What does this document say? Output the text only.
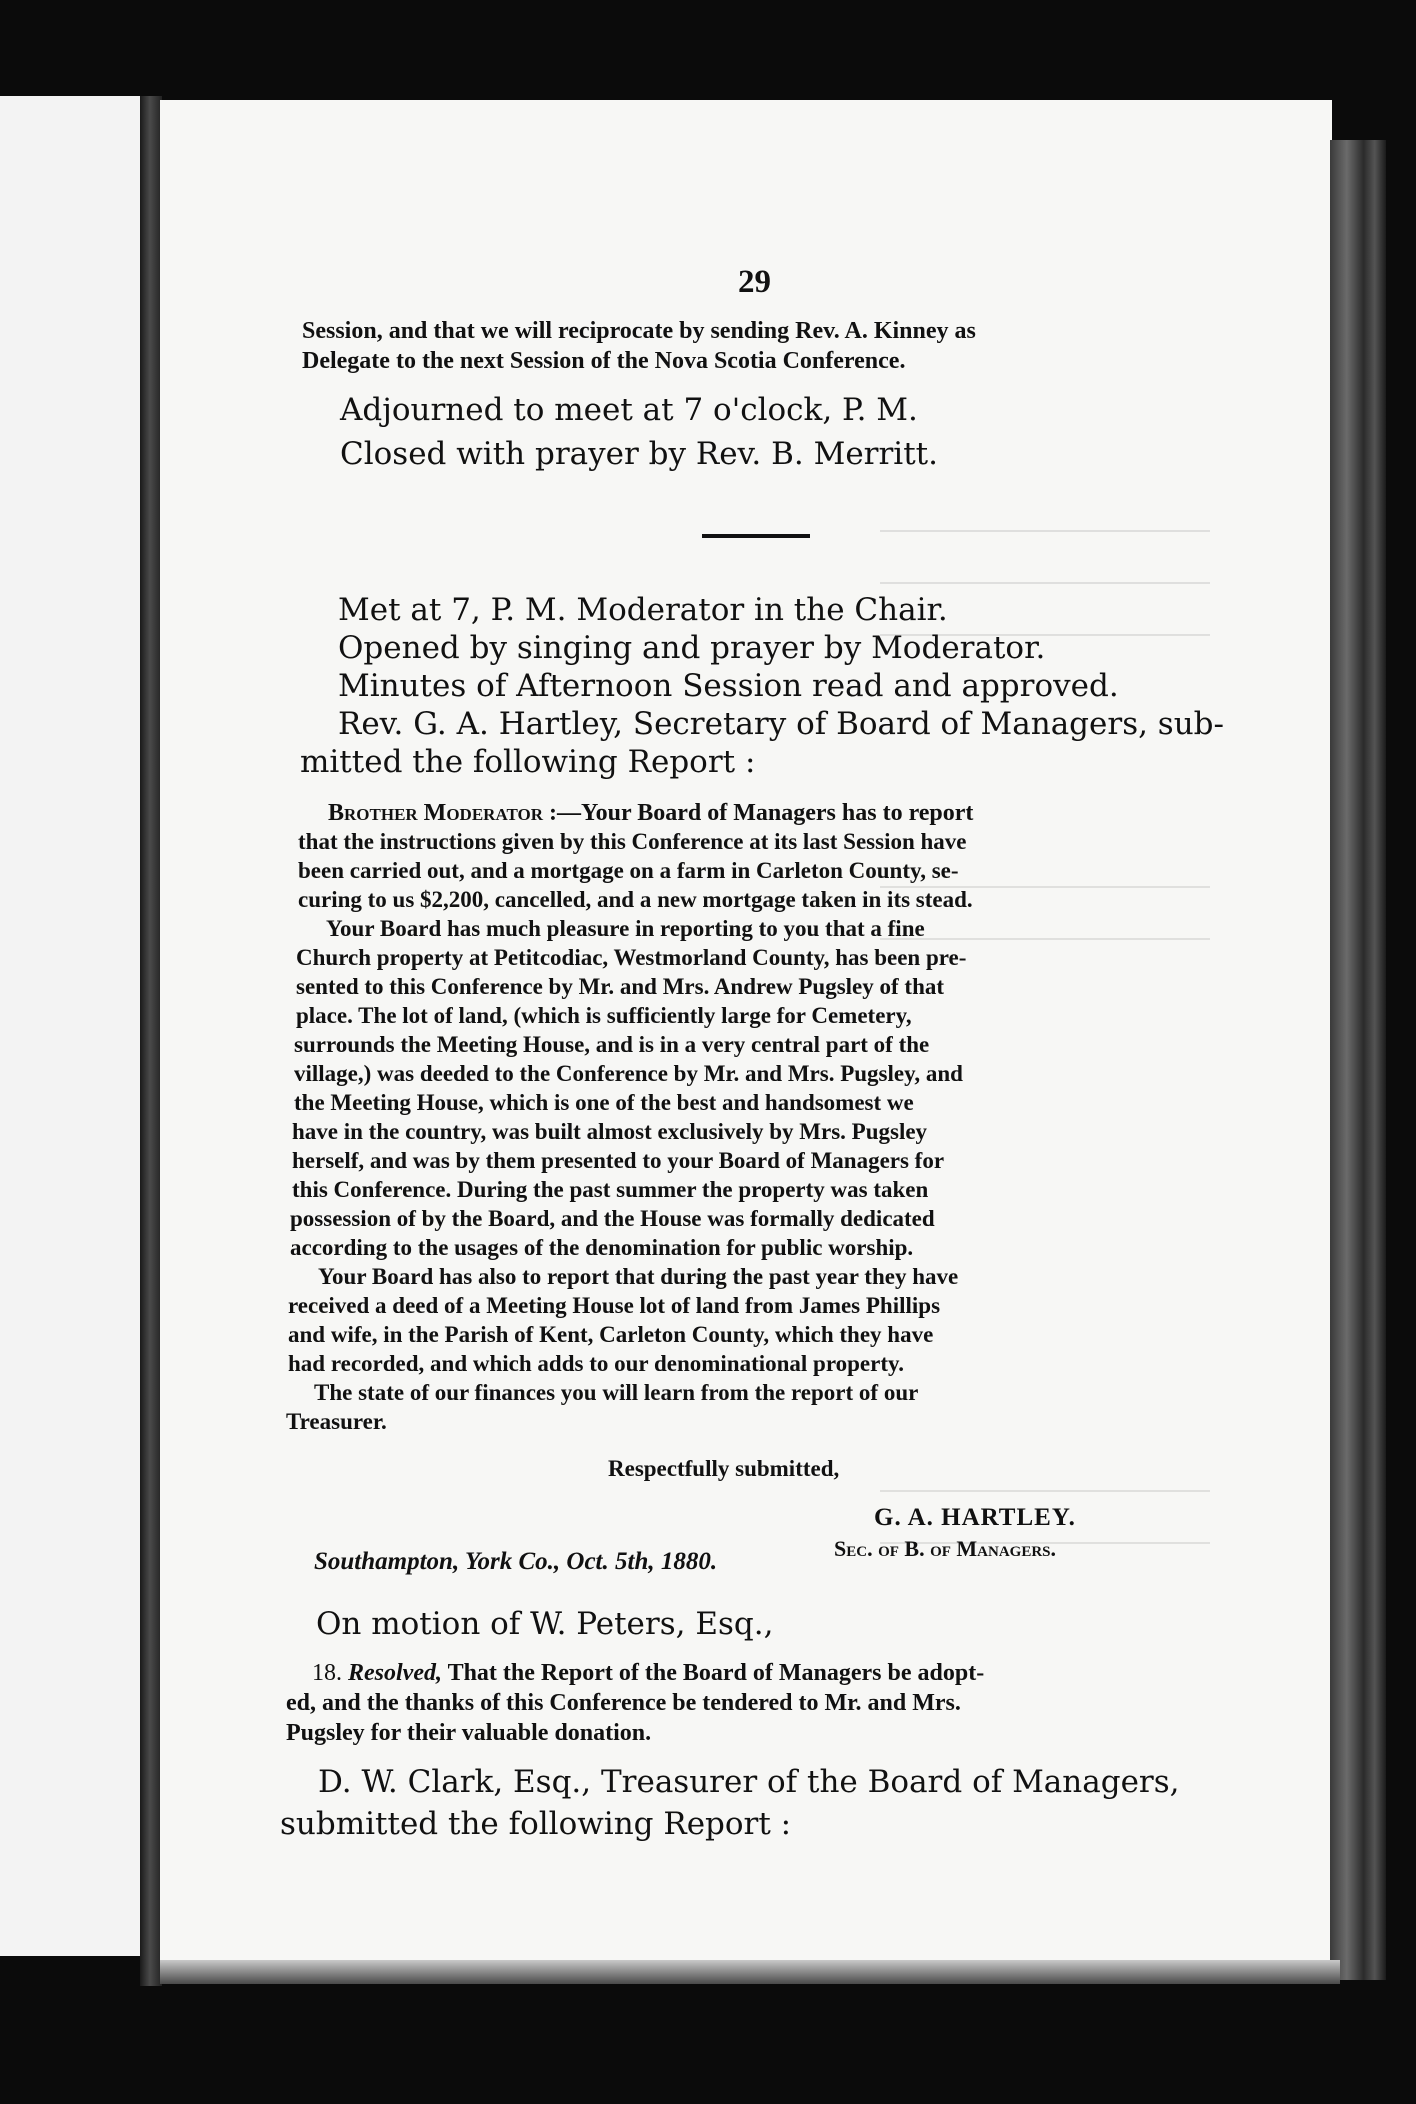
29
Session, and that we will reciprocate by sending Rev. A. Kinney as
Delegate to the next Session of the Nova Scotia Conference.
Adjourned to meet at 7 o'clock, P. M.
Closed with prayer by Rev. B. Merritt.
Met at 7, P. M. Moderator in the Chair.
Opened by singing and prayer by Moderator.
Minutes of Afternoon Session read and approved.
Rev. G. A. Hartley, Secretary of Board of Managers, sub-
mitted the following Report :
Brother Moderator :—Your Board of Managers has to report
that the instructions given by this Conference at its last Session have
been carried out, and a mortgage on a farm in Carleton County, se-
curing to us $2,200, cancelled, and a new mortgage taken in its stead.
Your Board has much pleasure in reporting to you that a fine
Church property at Petitcodiac, Westmorland County, has been pre-
sented to this Conference by Mr. and Mrs. Andrew Pugsley of that
place. The lot of land, (which is sufficiently large for Cemetery,
surrounds the Meeting House, and is in a very central part of the
village,) was deeded to the Conference by Mr. and Mrs. Pugsley, and
the Meeting House, which is one of the best and handsomest we
have in the country, was built almost exclusively by Mrs. Pugsley
herself, and was by them presented to your Board of Managers for
this Conference. During the past summer the property was taken
possession of by the Board, and the House was formally dedicated
according to the usages of the denomination for public worship.
Your Board has also to report that during the past year they have
received a deed of a Meeting House lot of land from James Phillips
and wife, in the Parish of Kent, Carleton County, which they have
had recorded, and which adds to our denominational property.
The state of our finances you will learn from the report of our
Treasurer.
Respectfully submitted,
G. A. HARTLEY.
Sec. of B. of Managers.
Southampton, York Co., Oct. 5th, 1880.
On motion of W. Peters, Esq.,
18. Resolved, That the Report of the Board of Managers be adopt-
ed, and the thanks of this Conference be tendered to Mr. and Mrs.
Pugsley for their valuable donation.
D. W. Clark, Esq., Treasurer of the Board of Managers,
submitted the following Report :
